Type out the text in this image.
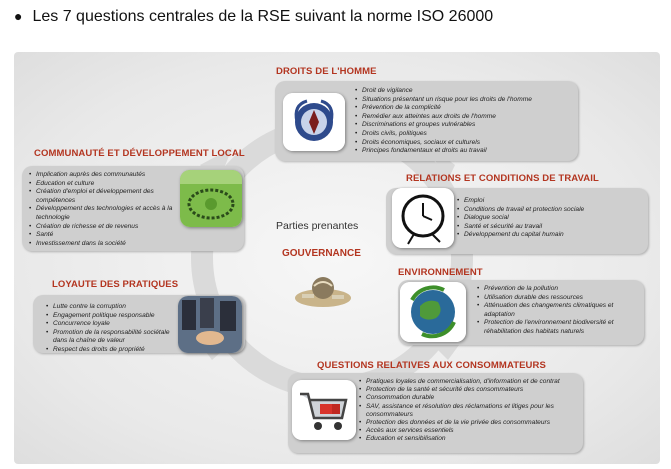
● Les 7 questions centrales de la RSE suivant la norme ISO 26000
Parties prenantes
GOUVERNANCE
DROITS DE L'HOMME
• Droit de vigilance
• Situations présentant un risque pour les droits de l'homme
• Prévention de la complicité
• Remédier aux atteintes aux droits de l'homme
• Discriminations et groupes vulnérables
• Droits civils, politiques
• Droits économiques, sociaux et culturels
• Principes fondamentaux et droits au travail
COMMUNAUTÉ ET DÉVELOPPEMENT LOCAL
• Implication auprès des communautés
• Education et culture
• Création d'emploi et développement des compétences
• Développement des technologies et accès à la technologie
• Création de richesse et de revenus
• Santé
• Investissement dans la société
RELATIONS ET CONDITIONS DE TRAVAIL
• Emploi
• Conditions de travail et protection sociale
• Dialogue social
• Santé et sécurité au travail
• Développement du capital humain
LOYAUTE DES PRATIQUES
• Lutte contre la corruption
• Engagement politique responsable
• Concurrence loyale
• Promotion de la responsabilité sociétale dans la chaîne de valeur
• Respect des droits de propriété
ENVIRONNEMENT
• Prévention de la pollution
• Utilisation durable des ressources
• Atténuation des changements climatiques et adaptation
• Protection de l'environnement biodiversité et réhabilitation des habitats naturels
QUESTIONS RELATIVES AUX CONSOMMATEURS
• Pratiques loyales de commercialisation, d'information et de contrat
• Protection de la santé et sécurité des consommateurs
• Consommation durable
• SAV, assistance et résolution des réclamations et litiges pour les consommateurs
• Protection des données et de la vie privée des consommateurs
• Accès aux services essentiels
• Education et sensibilisation
